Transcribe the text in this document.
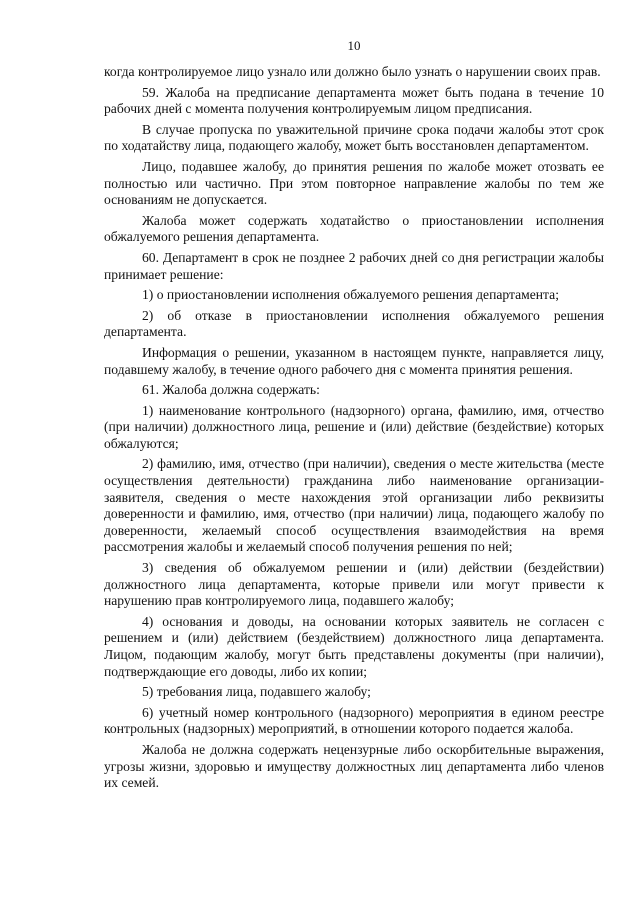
10

когда контролируемое лицо узнало или должно было узнать о нарушении своих прав.

59. Жалоба на предписание департамента может быть подана в течение 10 рабочих дней с момента получения контролируемым лицом предписания.

В случае пропуска по уважительной причине срока подачи жалобы этот срок по ходатайству лица, подающего жалобу, может быть восстановлен департаментом.

Лицо, подавшее жалобу, до принятия решения по жалобе может отозвать ее полностью или частично. При этом повторное направление жалобы по тем же основаниям не допускается.

Жалоба может содержать ходатайство о приостановлении исполнения обжалуемого решения департамента.

60. Департамент в срок не позднее 2 рабочих дней со дня регистрации жалобы принимает решение:

1) о приостановлении исполнения обжалуемого решения департамента;

2) об отказе в приостановлении исполнения обжалуемого решения департамента.

Информация о решении, указанном в настоящем пункте, направляется лицу, подавшему жалобу, в течение одного рабочего дня с момента принятия решения.

61. Жалоба должна содержать:

1) наименование контрольного (надзорного) органа, фамилию, имя, отчество (при наличии) должностного лица, решение и (или) действие (бездействие) которых обжалуются;

2) фамилию, имя, отчество (при наличии), сведения о месте жительства (месте осуществления деятельности) гражданина либо наименование организации-заявителя, сведения о месте нахождения этой организации либо реквизиты доверенности и фамилию, имя, отчество (при наличии) лица, подающего жалобу по доверенности, желаемый способ осуществления взаимодействия на время рассмотрения жалобы и желаемый способ получения решения по ней;

3) сведения об обжалуемом решении и (или) действии (бездействии) должностного лица департамента, которые привели или могут привести к нарушению прав контролируемого лица, подавшего жалобу;

4) основания и доводы, на основании которых заявитель не согласен с решением и (или) действием (бездействием) должностного лица департамента. Лицом, подающим жалобу, могут быть представлены документы (при наличии), подтверждающие его доводы, либо их копии;

5) требования лица, подавшего жалобу;

6) учетный номер контрольного (надзорного) мероприятия в едином реестре контрольных (надзорных) мероприятий, в отношении которого подается жалоба.

Жалоба не должна содержать нецензурные либо оскорбительные выражения, угрозы жизни, здоровью и имуществу должностных лиц департамента либо членов их семей.
